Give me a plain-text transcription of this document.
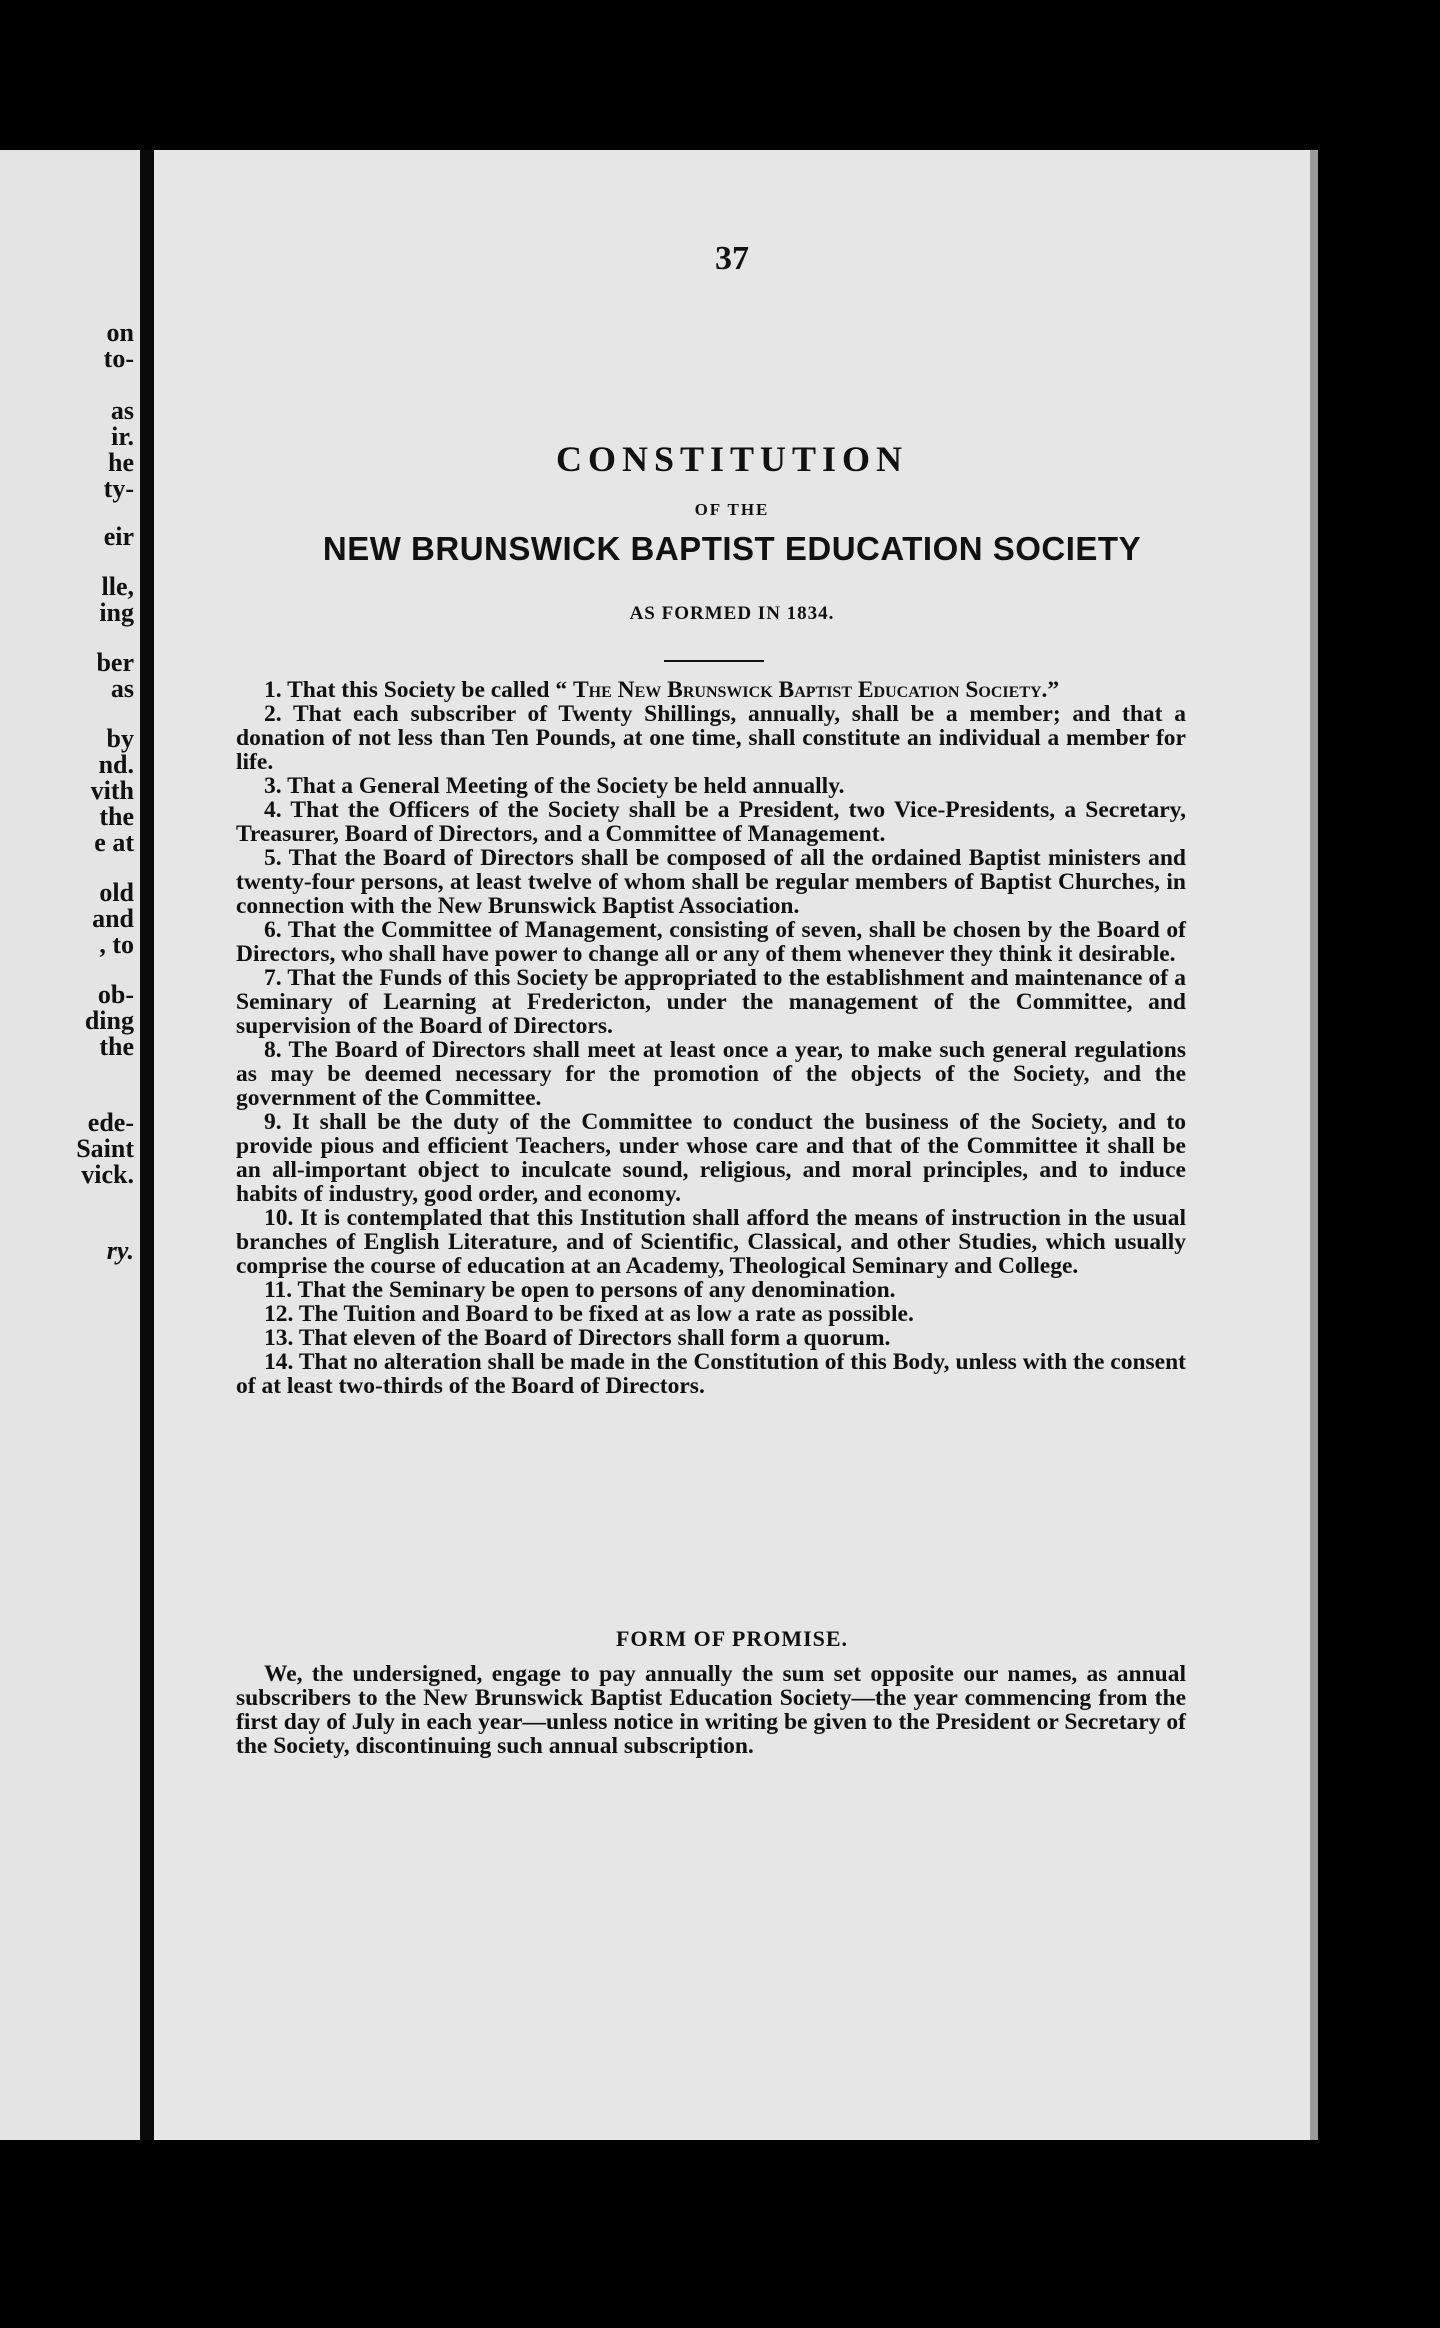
on
to-
as
ir.
he
ty-
eir
lle,
ing
ber
as
by
nd.
vith
the
e at
old
and
, to
ob-
ding
the
ede-
Saint
vick.
ry.
37
CONSTITUTION
OF THE
NEW BRUNSWICK BAPTIST EDUCATION SOCIETY
AS FORMED IN 1834.

1. That this Society be called “ The New Brunswick Baptist Education Society.”

2. That each subscriber of Twenty Shillings, annually, shall be a member; and that a donation of not less than Ten Pounds, at one time, shall constitute an individual a member for life.

3. That a General Meeting of the Society be held annually.

4. That the Officers of the Society shall be a President, two Vice-Presidents, a Secretary, Treasurer, Board of Directors, and a Committee of Management.

5. That the Board of Directors shall be composed of all the ordained Baptist ministers and twenty-four persons, at least twelve of whom shall be regular members of Baptist Churches, in connection with the New Brunswick Baptist Association.

6. That the Committee of Management, consisting of seven, shall be chosen by the Board of Directors, who shall have power to change all or any of them whenever they think it desirable.

7. That the Funds of this Society be appropriated to the establishment and maintenance of a Seminary of Learning at Fredericton, under the management of the Committee, and supervision of the Board of Directors.

8. The Board of Directors shall meet at least once a year, to make such general regulations as may be deemed necessary for the promotion of the objects of the Society, and the government of the Committee.

9. It shall be the duty of the Committee to conduct the business of the Society, and to provide pious and efficient Teachers, under whose care and that of the Committee it shall be an all-important object to inculcate sound, religious, and moral principles, and to induce habits of industry, good order, and economy.

10. It is contemplated that this Institution shall afford the means of instruction in the usual branches of English Literature, and of Scientific, Classical, and other Studies, which usually comprise the course of education at an Academy, Theological Seminary and College.

11. That the Seminary be open to persons of any denomination.

12. The Tuition and Board to be fixed at as low a rate as possible.

13. That eleven of the Board of Directors shall form a quorum.

14. That no alteration shall be made in the Constitution of this Body, unless with the consent of at least two-thirds of the Board of Directors.

FORM OF PROMISE.

We, the undersigned, engage to pay annually the sum set opposite our names, as annual subscribers to the New Brunswick Baptist Education Society—the year commencing from the first day of July in each year—unless notice in writing be given to the President or Secretary of the Society, discontinuing such annual subscription.
